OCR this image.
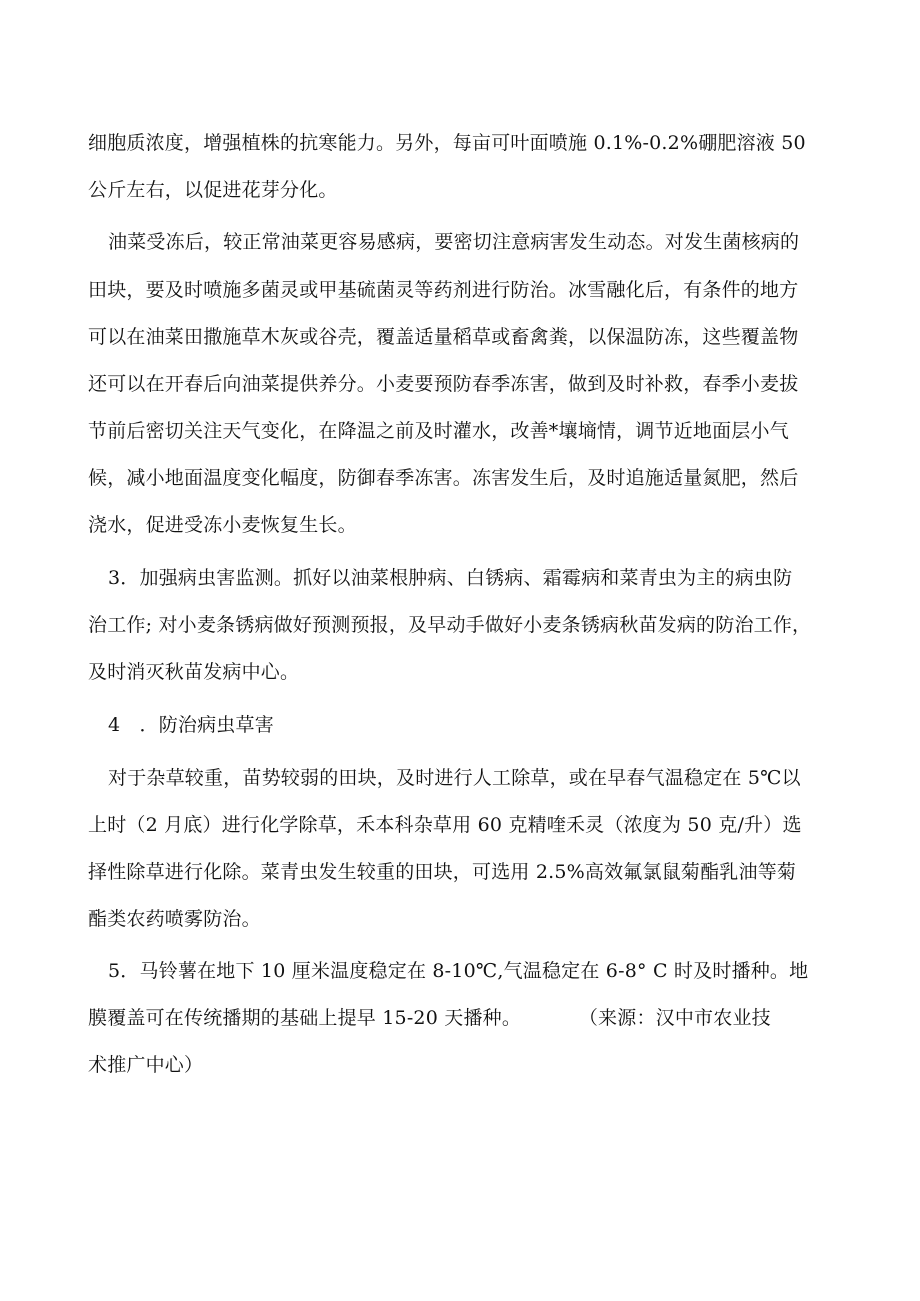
细胞质浓度，增强植株的抗寒能力。另外，每亩可叶面喷施 0.1%-0.2%硼肥溶液 50
公斤左右，以促进花芽分化。
油菜受冻后，较正常油菜更容易感病，要密切注意病害发生动态。对发生菌核病的
田块，要及时喷施多菌灵或甲基硫菌灵等药剂进行防治。冰雪融化后，有条件的地方
可以在油菜田撒施草木灰或谷壳，覆盖适量稻草或畜禽粪，以保温防冻，这些覆盖物
还可以在开春后向油菜提供养分。小麦要预防春季冻害，做到及时补救，春季小麦拔
节前后密切关注天气变化，在降温之前及时灌水，改善*壤墒情，调节近地面层小气
候，减小地面温度变化幅度，防御春季冻害。冻害发生后，及时追施适量氮肥，然后
浇水，促进受冻小麦恢复生长。
3．加强病虫害监测。抓好以油菜根肿病、白锈病、霜霉病和菜青虫为主的病虫防
治工作; 对小麦条锈病做好预测预报，及早动手做好小麦条锈病秋苗发病的防治工作，
及时消灭秋苗发病中心。
4　．防治病虫草害
对于杂草较重，苗势较弱的田块，及时进行人工除草，或在早春气温稳定在 5℃以
上时（2 月底）进行化学除草，禾本科杂草用 60 克精喹禾灵（浓度为 50 克/升）选
择性除草进行化除。菜青虫发生较重的田块，可选用 2.5%高效氟氯鼠菊酯乳油等菊
酯类农药喷雾防治。
5．马铃薯在地下 10 厘米温度稳定在 8-10℃,气温稳定在 6-8° C 时及时播种。地
膜覆盖可在传统播期的基础上提早 15-20 天播种。　　　　（来源：汉中市农业技
术推广中心）
